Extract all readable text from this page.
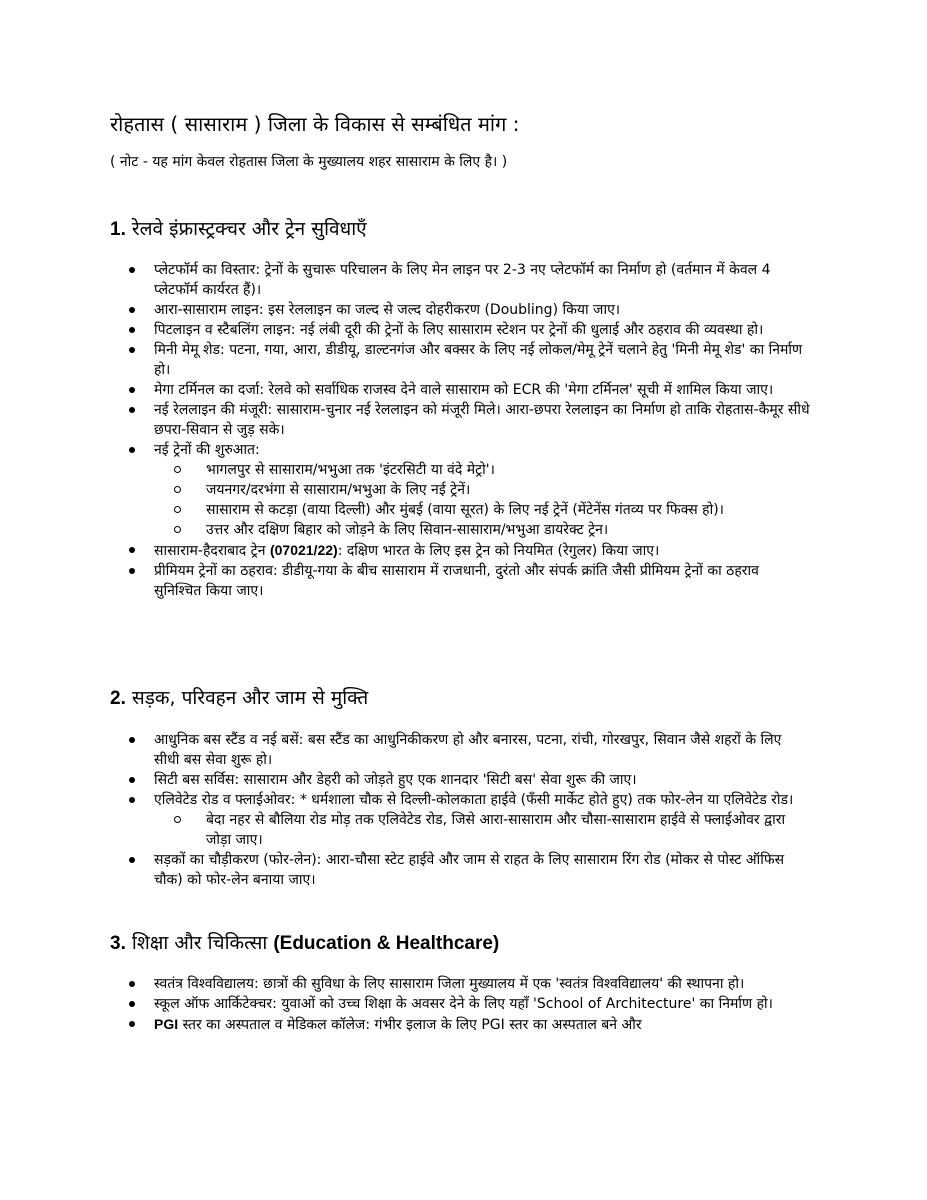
रोहतास ( सासाराम ) जिला के विकास से सम्बंधित मांग :

( नोट - यह मांग केवल रोहतास जिला के मुख्यालय शहर सासाराम के लिए है। )

1. रेलवे इंफ्रास्ट्रक्चर और ट्रेन सुविधाएँ
प्लेटफॉर्म का विस्तार: ट्रेनों के सुचारू परिचालन के लिए मेन लाइन पर 2-3 नए प्लेटफॉर्म का निर्माण हो (वर्तमान में केवल 4 प्लेटफॉर्म कार्यरत हैं)।
आरा-सासाराम लाइन: इस रेललाइन का जल्द से जल्द दोहरीकरण (Doubling) किया जाए।
पिटलाइन व स्टैबलिंग लाइन: नई लंबी दूरी की ट्रेनों के लिए सासाराम स्टेशन पर ट्रेनों की धुलाई और ठहराव की व्यवस्था हो।
मिनी मेमू शेड: पटना, गया, आरा, डीडीयू, डाल्टनगंज और बक्सर के लिए नई लोकल/मेमू ट्रेनें चलाने हेतु 'मिनी मेमू शेड' का निर्माण हो।
मेगा टर्मिनल का दर्जा: रेलवे को सर्वाधिक राजस्व देने वाले सासाराम को ECR की 'मेगा टर्मिनल' सूची में शामिल किया जाए।
नई रेललाइन की मंजूरी: सासाराम-चुनार नई रेललाइन को मंजूरी मिले। आरा-छपरा रेललाइन का निर्माण हो ताकि रोहतास-कैमूर सीधे छपरा-सिवान से जुड़ सके।
नई ट्रेनों की शुरुआत:
भागलपुर से सासाराम/भभुआ तक 'इंटरसिटी या वंदे मेट्रो'।
जयनगर/दरभंगा से सासाराम/भभुआ के लिए नई ट्रेनें।
सासाराम से कटड़ा (वाया दिल्ली) और मुंबई (वाया सूरत) के लिए नई ट्रेनें (मेंटेनेंस गंतव्य पर फिक्स हो)।
उत्तर और दक्षिण बिहार को जोड़ने के लिए सिवान-सासाराम/भभुआ डायरेक्ट ट्रेन।
सासाराम-हैदराबाद ट्रेन (07021/22): दक्षिण भारत के लिए इस ट्रेन को नियमित (रेगुलर) किया जाए।
प्रीमियम ट्रेनों का ठहराव: डीडीयू-गया के बीच सासाराम में राजधानी, दुरंतो और संपर्क क्रांति जैसी प्रीमियम ट्रेनों का ठहराव सुनिश्चित किया जाए।
2. सड़क, परिवहन और जाम से मुक्ति
आधुनिक बस स्टैंड व नई बसें: बस स्टैंड का आधुनिकीकरण हो और बनारस, पटना, रांची, गोरखपुर, सिवान जैसे शहरों के लिए सीधी बस सेवा शुरू हो।
सिटी बस सर्विस: सासाराम और डेहरी को जोड़ते हुए एक शानदार 'सिटी बस' सेवा शुरू की जाए।
एलिवेटेड रोड व फ्लाईओवर: * धर्मशाला चौक से दिल्ली-कोलकाता हाईवे (फँसी मार्केट होते हुए) तक फोर-लेन या एलिवेटेड रोड।
बेदा नहर से बौलिया रोड मोड़ तक एलिवेटेड रोड, जिसे आरा-सासाराम और चौसा-सासाराम हाईवे से फ्लाईओवर द्वारा जोड़ा जाए।
सड़कों का चौड़ीकरण (फोर-लेन): आरा-चौसा स्टेट हाईवे और जाम से राहत के लिए सासाराम रिंग रोड (मोकर से पोस्ट ऑफिस चौक) को फोर-लेन बनाया जाए।
3. शिक्षा और चिकित्सा (Education & Healthcare)
स्वतंत्र विश्वविद्यालय: छात्रों की सुविधा के लिए सासाराम जिला मुख्यालय में एक 'स्वतंत्र विश्वविद्यालय' की स्थापना हो।
स्कूल ऑफ आर्किटेक्चर: युवाओं को उच्च शिक्षा के अवसर देने के लिए यहाँ 'School of Architecture' का निर्माण हो।
PGI स्तर का अस्पताल व मेडिकल कॉलेज: गंभीर इलाज के लिए PGI स्तर का अस्पताल बने और
